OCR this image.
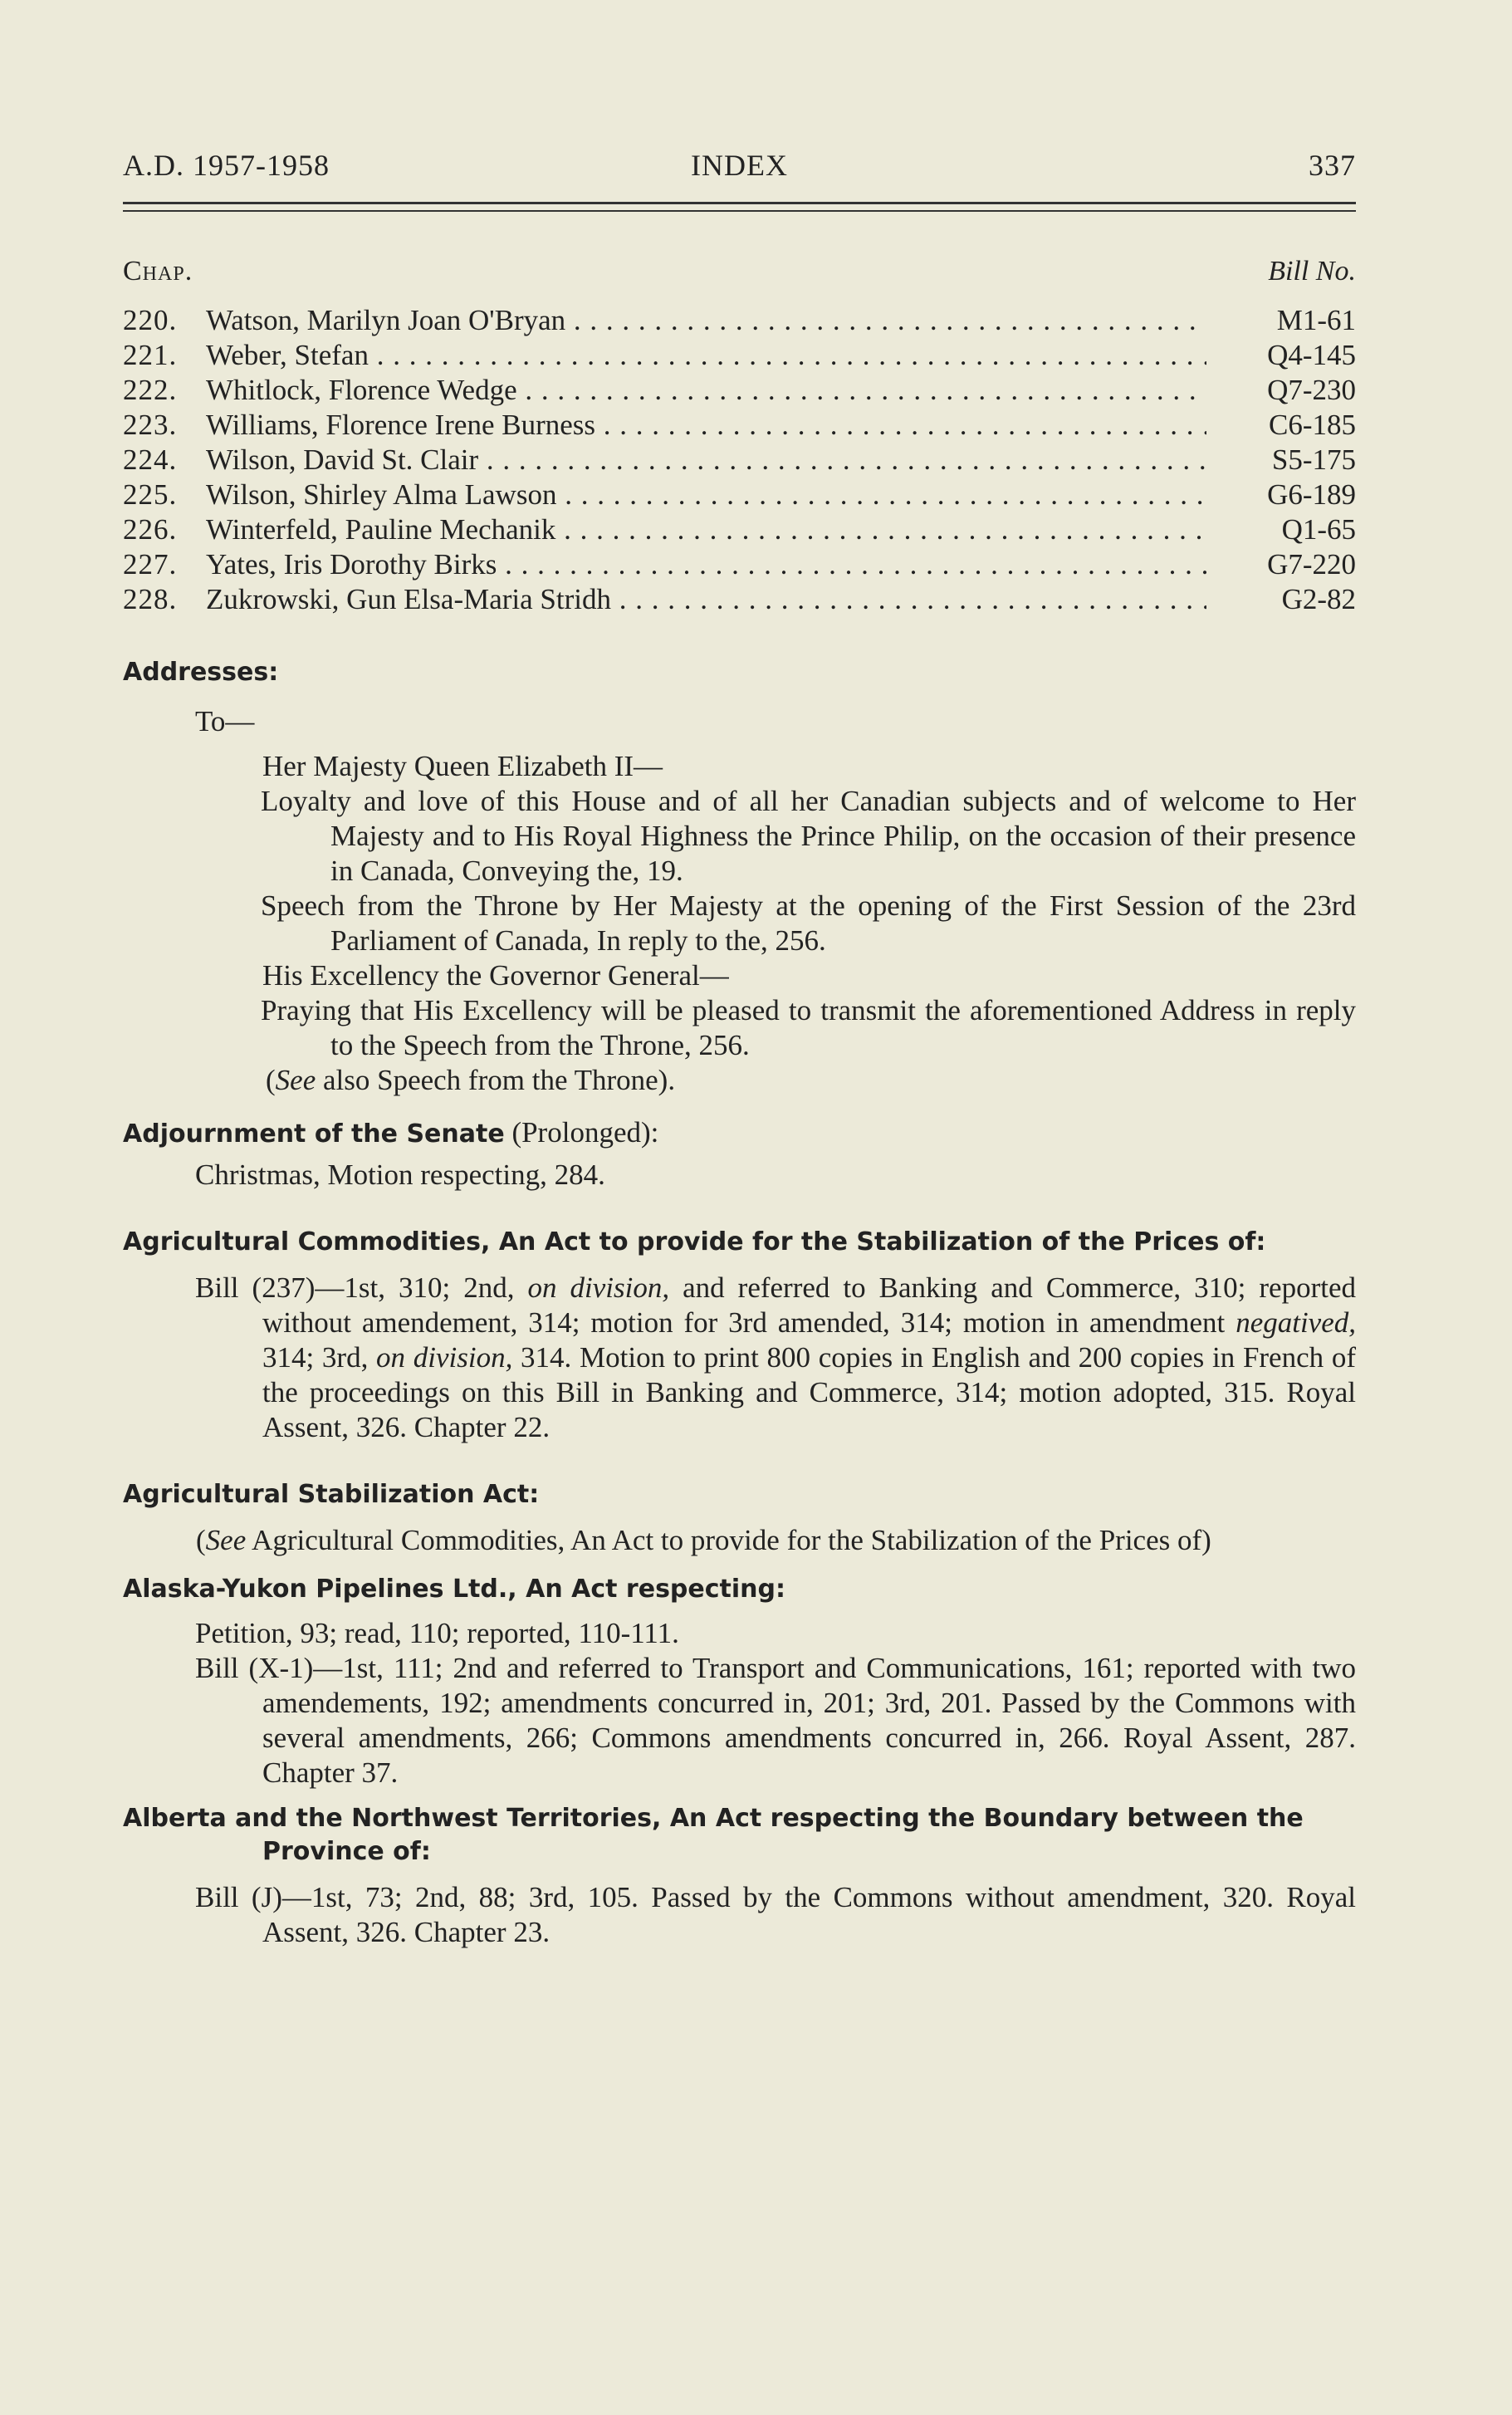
A.D. 1957-1958	INDEX	337
Chap.	Bill No.
220. Watson, Marilyn Joan O'Bryan . . .	M1-61
221. Weber, Stefan . . .	Q4-145
222. Whitlock, Florence Wedge . . .	Q7-230
223. Williams, Florence Irene Burness . . .	C6-185
224. Wilson, David St. Clair . . .	S5-175
225. Wilson, Shirley Alma Lawson . . .	G6-189
226. Winterfeld, Pauline Mechanik . . .	Q1-65
227. Yates, Iris Dorothy Birks . . .	G7-220
228. Zukrowski, Gun Elsa-Maria Stridh . . .	G2-82
Addresses:
To—
Her Majesty Queen Elizabeth II—
Loyalty and love of this House and of all her Canadian subjects and of welcome to Her Majesty and to His Royal Highness the Prince Philip, on the occasion of their presence in Canada, Conveying the, 19.
Speech from the Throne by Her Majesty at the opening of the First Session of the 23rd Parliament of Canada, In reply to the, 256.
His Excellency the Governor General—
Praying that His Excellency will be pleased to transmit the aforementioned Address in reply to the Speech from the Throne, 256.
(See also Speech from the Throne).
Adjournment of the Senate (Prolonged):
Christmas, Motion respecting, 284.
Agricultural Commodities, An Act to provide for the Stabilization of the Prices of:
Bill (237)—1st, 310; 2nd, on division, and referred to Banking and Commerce, 310; reported without amendement, 314; motion for 3rd amended, 314; motion in amendment negatived, 314; 3rd, on division, 314. Motion to print 800 copies in English and 200 copies in French of the proceedings on this Bill in Banking and Commerce, 314; motion adopted, 315. Royal Assent, 326. Chapter 22.
Agricultural Stabilization Act:
(See Agricultural Commodities, An Act to provide for the Stabilization of the Prices of)
Alaska-Yukon Pipelines Ltd., An Act respecting:
Petition, 93; read, 110; reported, 110-111.
Bill (X-1)—1st, 111; 2nd and referred to Transport and Communications, 161; reported with two amendements, 192; amendments concurred in, 201; 3rd, 201. Passed by the Commons with several amendments, 266; Commons amendments concurred in, 266. Royal Assent, 287. Chapter 37.
Alberta and the Northwest Territories, An Act respecting the Boundary between the Province of:
Bill (J)—1st, 73; 2nd, 88; 3rd, 105. Passed by the Commons without amendment, 320. Royal Assent, 326. Chapter 23.
